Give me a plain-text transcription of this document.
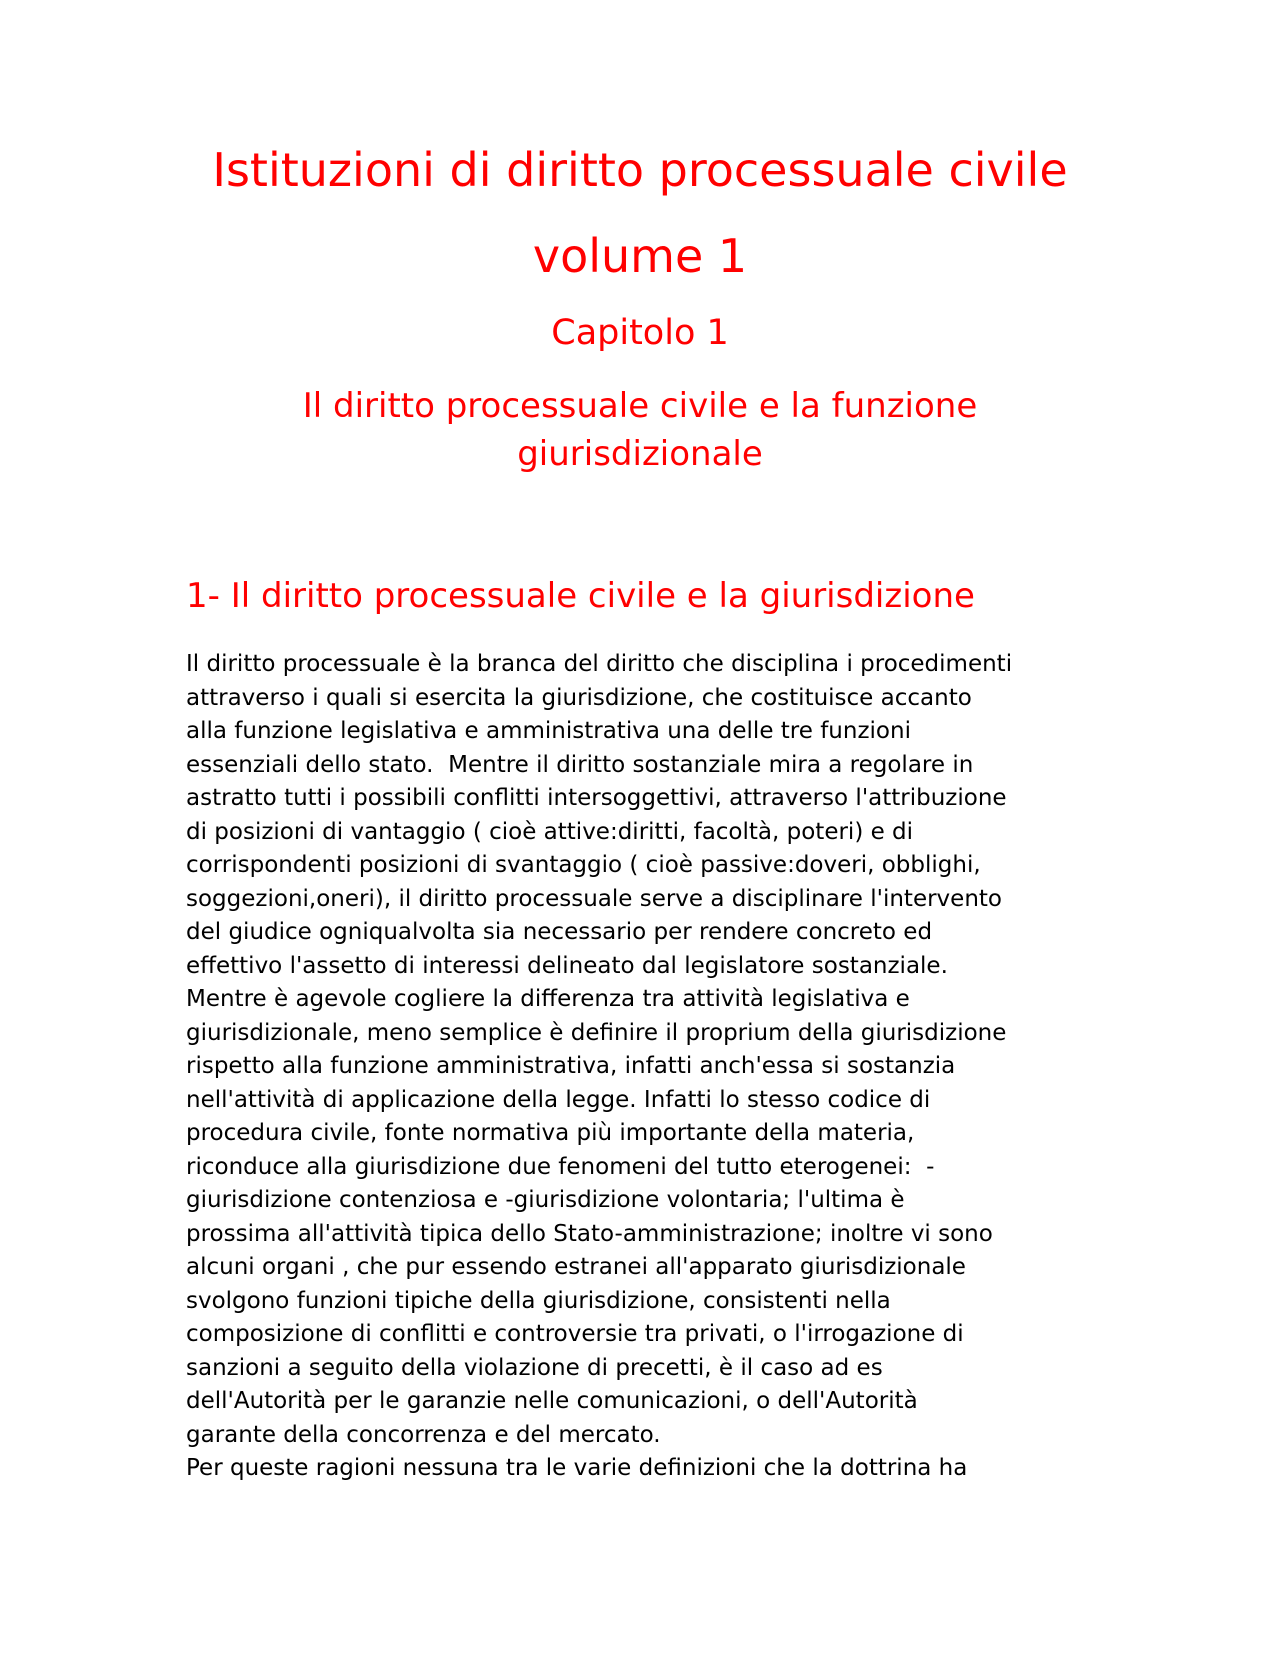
Istituzioni di diritto processuale civile
volume 1
Capitolo 1
Il diritto processuale civile e la funzione giurisdizionale
1- Il diritto processuale civile e la giurisdizione
Il diritto processuale è la branca del diritto che disciplina i procedimenti
attraverso i quali si esercita la giurisdizione, che costituisce accanto
alla funzione legislativa e amministrativa una delle tre funzioni
essenziali dello stato.  Mentre il diritto sostanziale mira a regolare in
astratto tutti i possibili conflitti intersoggettivi, attraverso l'attribuzione
di posizioni di vantaggio ( cioè attive:diritti, facoltà, poteri) e di
corrispondenti posizioni di svantaggio ( cioè passive:doveri, obblighi,
soggezioni,oneri), il diritto processuale serve a disciplinare l'intervento
del giudice ogniqualvolta sia necessario per rendere concreto ed
effettivo l'assetto di interessi delineato dal legislatore sostanziale.
Mentre è agevole cogliere la differenza tra attività legislativa e
giurisdizionale, meno semplice è definire il proprium della giurisdizione
rispetto alla funzione amministrativa, infatti anch'essa si sostanzia
nell'attività di applicazione della legge. Infatti lo stesso codice di
procedura civile, fonte normativa più importante della materia,
riconduce alla giurisdizione due fenomeni del tutto eterogenei:  -
giurisdizione contenziosa e -giurisdizione volontaria; l'ultima è
prossima all'attività tipica dello Stato-amministrazione; inoltre vi sono
alcuni organi , che pur essendo estranei all'apparato giurisdizionale
svolgono funzioni tipiche della giurisdizione, consistenti nella
composizione di conflitti e controversie tra privati, o l'irrogazione di
sanzioni a seguito della violazione di precetti, è il caso ad es
dell'Autorità per le garanzie nelle comunicazioni, o dell'Autorità
garante della concorrenza e del mercato.
Per queste ragioni nessuna tra le varie definizioni che la dottrina ha
